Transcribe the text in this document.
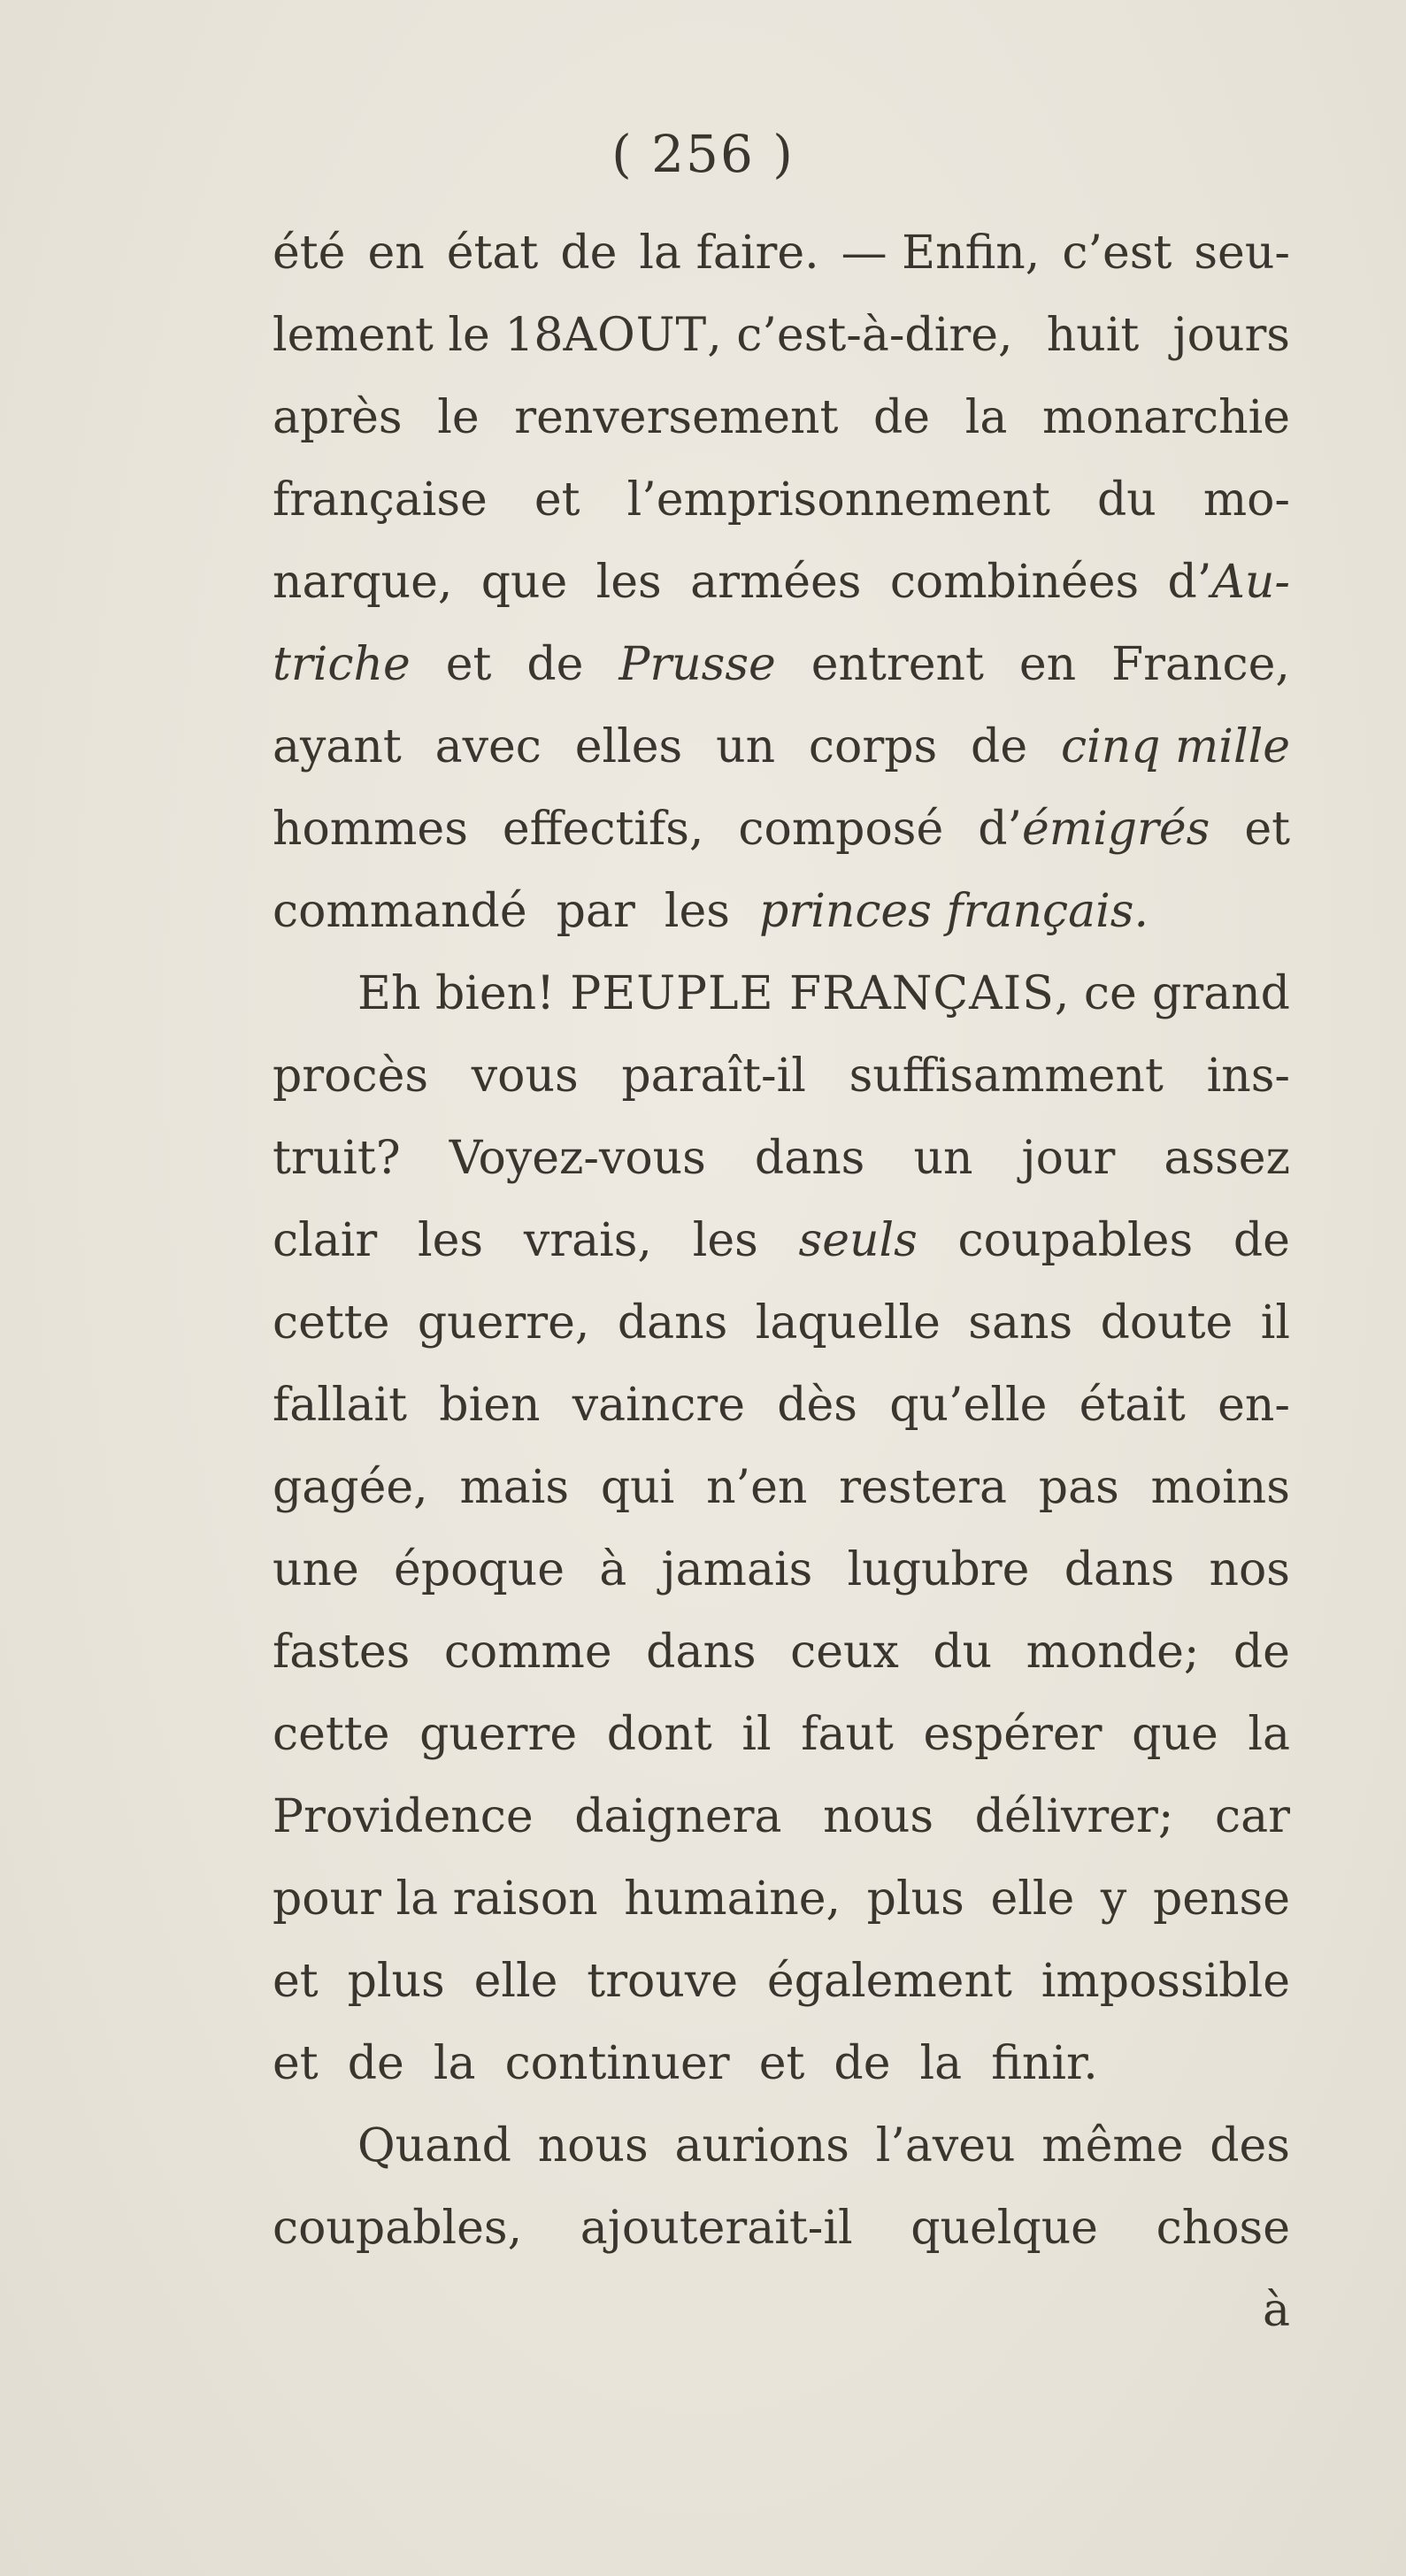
( 256 )
été en état de la faire. — Enfin, c’est seu-
lement le 18AOUT, c’est-à-dire, huit jours
après le renversement de la monarchie
française et l’emprisonnement du mo-
narque, que les armées combinées d’Au-
triche et de Prusse entrent en France,
ayant avec elles un corps de cinq mille
hommes effectifs, composé d’émigrés et
commandé
par
les
princes français.
Eh bien! PEUPLE FRANÇAIS, ce grand
procès vous paraît-il suffisamment ins-
truit? Voyez-vous dans un jour assez
clair les vrais, les seuls coupables de
cette guerre, dans laquelle sans doute il
fallait bien vaincre dès qu’elle était en-
gagée, mais qui n’en restera pas moins
une époque à jamais lugubre dans nos
fastes comme dans ceux du monde; de
cette guerre dont il faut espérer que la
Providence daignera nous délivrer; car
pour la raison humaine, plus elle y pense
et plus elle trouve également impossible
et
de
la
continuer
et
de
la
finir.
Quand nous aurions l’aveu même des
coupables, ajouterait-il quelque chose
à
